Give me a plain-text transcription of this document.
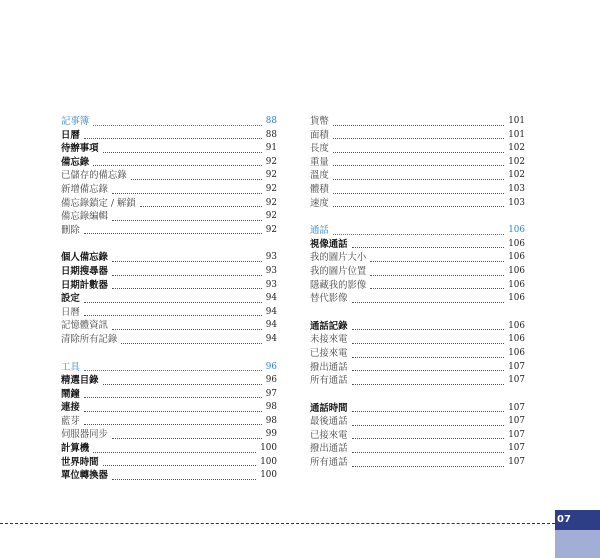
記事簿	88
日曆	88
待辦事項	91
備忘錄	92
已儲存的備忘錄	92
新增備忘錄	92
備忘錄鎖定 / 解鎖	92
備忘錄編輯	92
刪除	92
個人備忘錄	93
日期搜尋器	93
日期計數器	93
設定	94
日曆	94
記憶體資訊	94
清除所有記錄	94
工具	96
精選目錄	96
鬧鐘	97
連接	98
藍芽	98
伺服器同步	99
計算機	100
世界時間	100
單位轉換器	100
貨幣	101
面積	101
長度	102
重量	102
溫度	102
體積	103
速度	103
通話	106
視像通話	106
我的圖片大小	106
我的圖片位置	106
隱藏我的影像	106
替代影像	106
通話記錄	106
未接來電	106
已接來電	106
撥出通話	107
所有通話	107
通話時間	107
最後通話	107
已接來電	107
撥出通話	107
所有通話	107
07
